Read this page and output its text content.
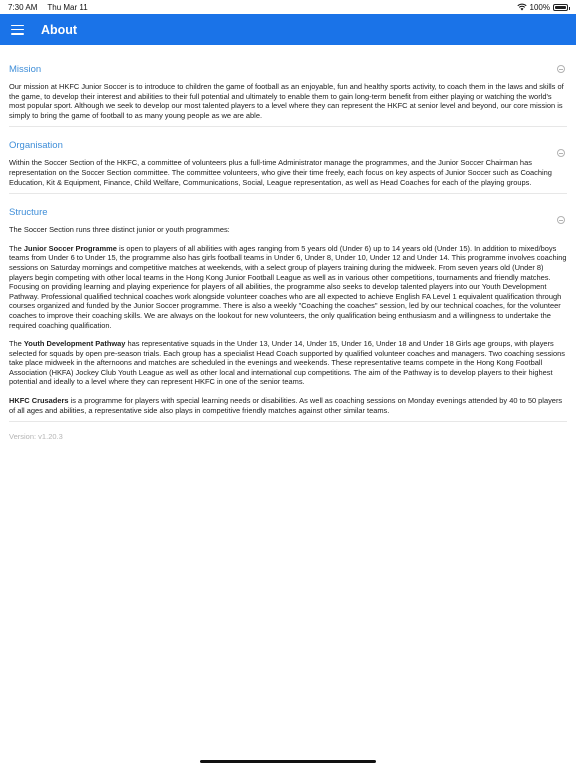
7:30 AM Thu Mar 11	100%
About
Mission

Our mission at HKFC Junior Soccer is to introduce to children the game of football as an enjoyable, fun and healthy sports activity, to coach them in the laws and skills of the game, to develop their interest and abilities to their full potential and ultimately to enable them to gain long-term benefit from either playing or watching the world's most popular sport. Although we seek to develop our most talented players to a level where they can represent the HKFC at senior level and beyond, our core mission is simply to bring the game of football to as many young people as we are able.

Organisation

Within the Soccer Section of the HKFC, a committee of volunteers plus a full-time Administrator manage the programmes, and the Junior Soccer Chairman has representation on the Soccer Section committee. The committee volunteers, who give their time freely, each focus on key aspects of Junior Soccer such as Coaching Education, Kit & Equipment, Finance, Child Welfare, Communications, Social, League representation, as well as Head Coaches for each of the playing groups.

Structure

The Soccer Section runs three distinct junior or youth programmes:

The Junior Soccer Programme is open to players of all abilities with ages ranging from 5 years old (Under 6) up to 14 years old (Under 15). In addition to mixed/boys teams from Under 6 to Under 15, the programme also has girls football teams in Under 6, Under 8, Under 10, Under 12 and Under 14. This programme involves coaching sessions on Saturday mornings and competitive matches at weekends, with a select group of players training during the midweek. From seven years old (Under 8) players begin competing with other local teams in the Hong Kong Junior Football League as well as in various other competitions, tournaments and friendly matches. Focusing on providing learning and playing experience for players of all abilities, the programme also seeks to develop talented players into our Youth Development Pathway. Professional qualified technical coaches work alongside volunteer coaches who are all expected to achieve English FA Level 1 equivalent qualification through courses organized and funded by the Junior Soccer programme. There is also a weekly "Coaching the coaches" session, led by our technical coaches, for the volunteer coaches to improve their coaching skills. We are always on the lookout for new volunteers, the only qualification being enthusiasm and a willingness to undertake the required coaching qualification.

The Youth Development Pathway has representative squads in the Under 13, Under 14, Under 15, Under 16, Under 18 and Under 18 Girls age groups, with players selected for squads by open pre-season trials. Each group has a specialist Head Coach supported by qualified volunteer coaches and managers. Two coaching sessions take place midweek in the afternoons and matches are scheduled in the evenings and weekends. These representative teams compete in the Hong Kong Football Association (HKFA) Jockey Club Youth League as well as other local and international cup competitions. The aim of the Pathway is to develop players to their highest potential and ideally to a level where they can represent HKFC in one of the senior teams.

HKFC Crusaders is a programme for players with special learning needs or disabilities. As well as coaching sessions on Monday evenings attended by 40 to 50 players of all ages and abilities, a representative side also plays in competitive friendly matches against other similar teams.

Version: v1.20.3
